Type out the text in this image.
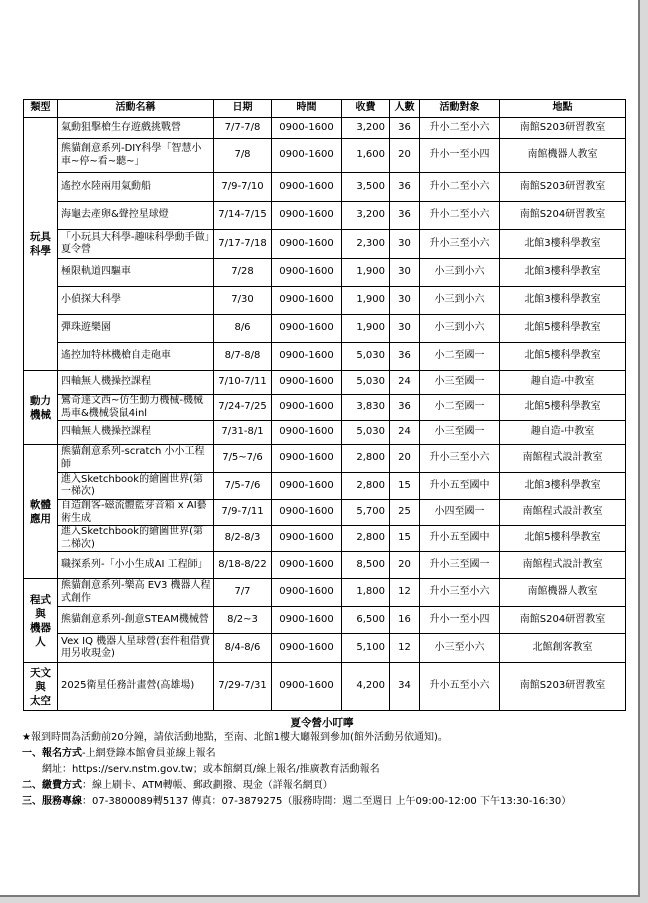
類型	活動名稱	日期	時間	收費	人數	活動對象	地點

玩具
科學	氣動狙擊槍生存遊戲挑戰營	7/7-7/8	0900-1600	3,200	36	升小二至小六	南館S203研習教室
	熊貓創意系列-DIY科學「智慧小車~停~看~聽~」	7/8	0900-1600	1,600	20	升小一至小四	南館機器人教室
	遙控水陸兩用氣動船	7/9-7/10	0900-1600	3,500	36	升小二至小六	南館S203研習教室
	海龜去產卵&聲控星球燈	7/14-7/15	0900-1600	3,200	36	升小二至小六	南館S204研習教室
	「小玩具大科學-趣味科學動手做」夏令營	7/17-7/18	0900-1600	2,300	30	升小三至小六	北館3樓科學教室
	極限軌道四驅車	7/28	0900-1600	1,900	30	小三到小六	北館3樓科學教室
	小偵探大科學	7/30	0900-1600	1,900	30	小三到小六	北館3樓科學教室
	彈珠遊樂園	8/6	0900-1600	1,900	30	小三到小六	北館5樓科學教室
	遙控加特林機槍自走砲車	8/7-8/8	0900-1600	5,030	36	小二至國一	北館5樓科學教室

動力
機械	四軸無人機操控課程	7/10-7/11	0900-1600	5,030	24	小三至國一	趣自造-中教室
	鸞奇達文西~仿生動力機械-機械馬車&機械袋鼠4inl	7/24-7/25	0900-1600	3,830	36	小二至國一	北館5樓科學教室
	四軸無人機操控課程	7/31-8/1	0900-1600	5,030	24	小三至國一	趣自造-中教室

軟體
應用	熊貓創意系列-scratch 小小工程師	7/5~7/6	0900-1600	2,800	20	升小三至小六	南館程式設計教室
	進入Sketchbook的繪圖世界(第一梯次)	7/5-7/6	0900-1600	2,800	15	升小五至國中	北館3樓科學教室
	自造創客-磁流體藍芽音箱 x AI藝術生成	7/9-7/11	0900-1600	5,700	25	小四至國一	南館程式設計教室
	進入Sketchbook的繪圖世界(第二梯次)	8/2-8/3	0900-1600	2,800	15	升小五至國中	北館5樓科學教室
	職探系列-「小小生成AI 工程師」	8/18-8/22	0900-1600	8,500	20	升小三至國一	南館程式設計教室

程式
與
機器
人	熊貓創意系列-樂高 EV3 機器人程式創作	7/7	0900-1600	1,800	12	升小三至小六	南館機器人教室
	熊貓創意系列-創意STEAM機械營	8/2~3	0900-1600	6,500	16	升小一至小四	南館S204研習教室
	Vex IQ 機器人星球營(套件租借費用另收現金)	8/4-8/6	0900-1600	5,100	12	小三至小六	北館創客教室

天文
與
太空	2025衛星任務計畫營(高雄場)	7/29-7/31	0900-1600	4,200	34	升小五至小六	南館S203研習教室
夏令營小叮嚀
★報到時間為活動前20分鐘，請依活動地點，至南、北館1樓大廳報到參加(館外活動另依通知)。
一、報名方式-上網登錄本館會員並線上報名
網址：https://serv.nstm.gov.tw；或本館網頁/線上報名/推廣教育活動報名
二、繳費方式：線上刷卡、ATM轉帳、郵政劃撥、現金（詳報名網頁）
三、服務專線：07-3800089轉5137 傳真：07-3879275（服務時間：週二至週日 上午09:00-12:00 下午13:30-16:30）
